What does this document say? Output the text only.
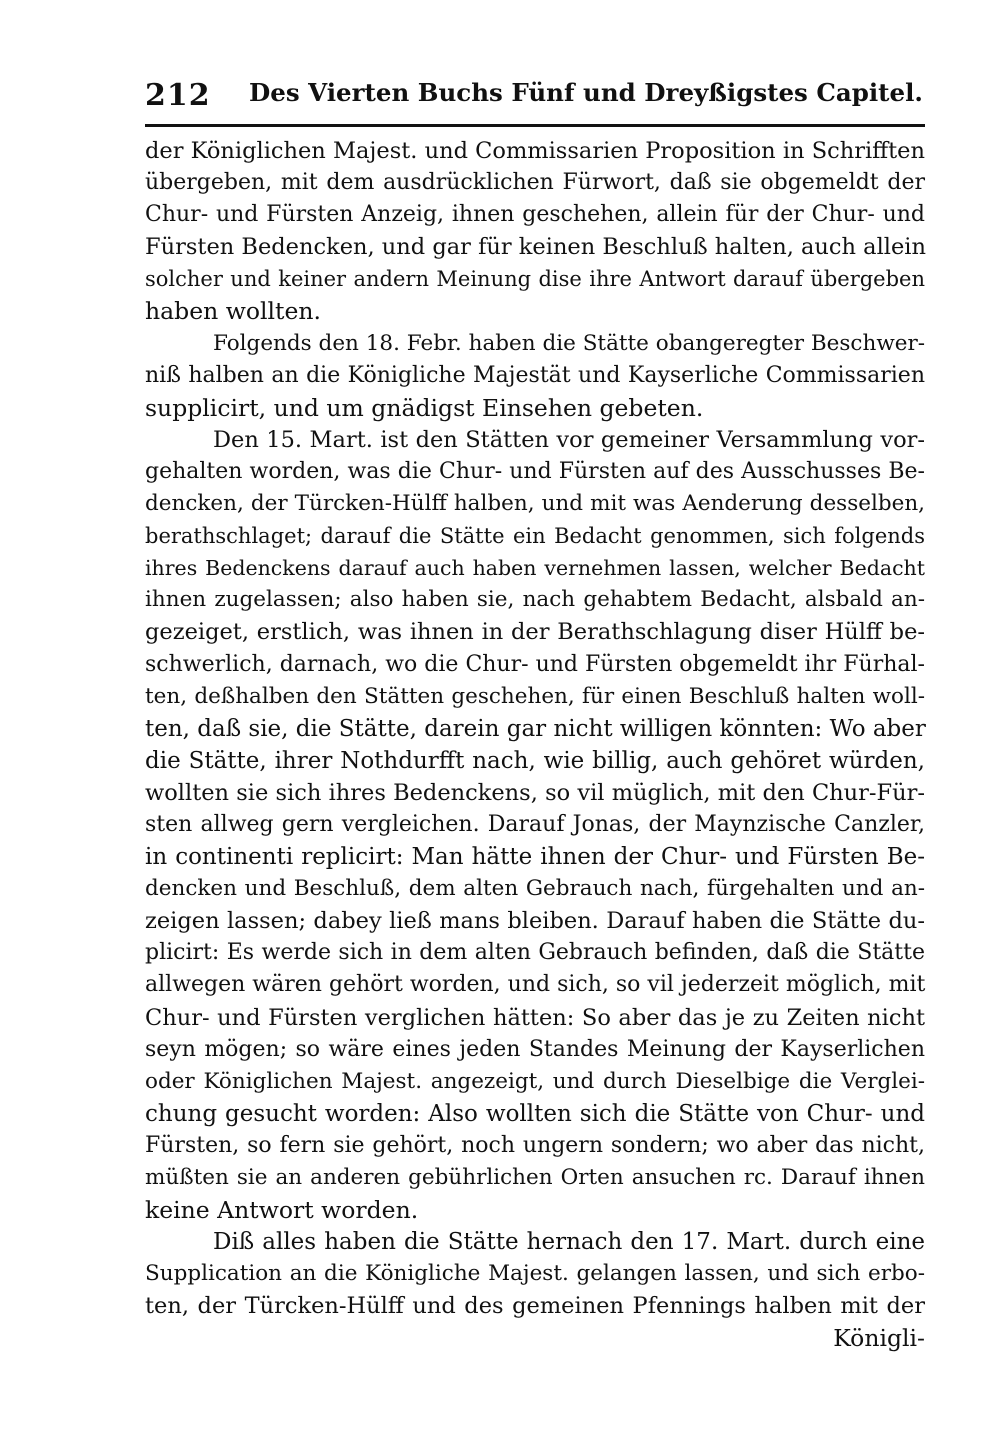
212 Des Vierten Buchs Fünf und Dreyßigstes Capitel.
der Königlichen Majest. und Commissarien Proposition in Schrifften
übergeben, mit dem ausdrücklichen Fürwort, daß sie obgemeldt der
Chur- und Fürsten Anzeig, ihnen geschehen, allein für der Chur- und
Fürsten Bedencken, und gar für keinen Beschluß halten, auch allein
solcher und keiner andern Meinung dise ihre Antwort darauf übergeben
haben wollten.
Folgends den 18. Febr. haben die Stätte obangeregter Beschwer-
niß halben an die Königliche Majestät und Kayserliche Commissarien
supplicirt, und um gnädigst Einsehen gebeten.
Den 15. Mart. ist den Stätten vor gemeiner Versammlung vor-
gehalten worden, was die Chur- und Fürsten auf des Ausschusses Be-
dencken, der Türcken-Hülff halben, und mit was Aenderung desselben,
berathschlaget; darauf die Stätte ein Bedacht genommen, sich folgends
ihres Bedenckens darauf auch haben vernehmen lassen, welcher Bedacht
ihnen zugelassen; also haben sie, nach gehabtem Bedacht, alsbald an-
gezeiget, erstlich, was ihnen in der Berathschlagung diser Hülff be-
schwerlich, darnach, wo die Chur- und Fürsten obgemeldt ihr Fürhal-
ten, deßhalben den Stätten geschehen, für einen Beschluß halten woll-
ten, daß sie, die Stätte, darein gar nicht willigen könnten: Wo aber
die Stätte, ihrer Nothdurfft nach, wie billig, auch gehöret würden,
wollten sie sich ihres Bedenckens, so vil müglich, mit den Chur-Für-
sten allweg gern vergleichen. Darauf Jonas, der Maynzische Canzler,
in continenti replicirt: Man hätte ihnen der Chur- und Fürsten Be-
dencken und Beschluß, dem alten Gebrauch nach, fürgehalten und an-
zeigen lassen; dabey ließ mans bleiben. Darauf haben die Stätte du-
plicirt: Es werde sich in dem alten Gebrauch befinden, daß die Stätte
allwegen wären gehört worden, und sich, so vil jederzeit möglich, mit
Chur- und Fürsten verglichen hätten: So aber das je zu Zeiten nicht
seyn mögen; so wäre eines jeden Standes Meinung der Kayserlichen
oder Königlichen Majest. angezeigt, und durch Dieselbige die Verglei-
chung gesucht worden: Also wollten sich die Stätte von Chur- und
Fürsten, so fern sie gehört, noch ungern sondern; wo aber das nicht,
müßten sie an anderen gebührlichen Orten ansuchen rc. Darauf ihnen
keine Antwort worden.
Diß alles haben die Stätte hernach den 17. Mart. durch eine
Supplication an die Königliche Majest. gelangen lassen, und sich erbo-
ten, der Türcken-Hülff und des gemeinen Pfennings halben mit der
Königli-
